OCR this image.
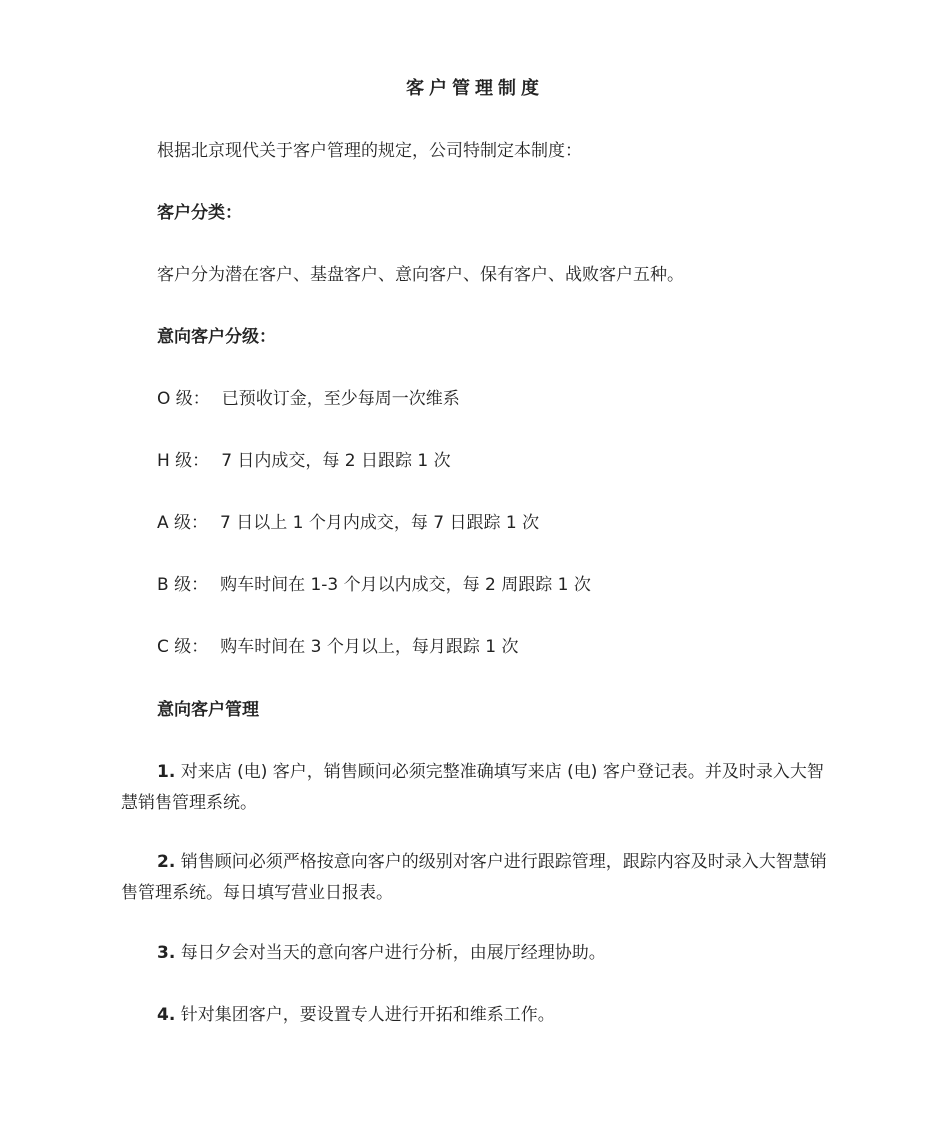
客户管理制度
根据北京现代关于客户管理的规定，公司特制定本制度：
客户分类：
客户分为潜在客户、基盘客户、意向客户、保有客户、战败客户五种。
意向客户分级：
O 级： 已预收订金，至少每周一次维系
H 级： 7 日内成交，每 2 日跟踪 1 次
A 级： 7 日以上 1 个月内成交，每 7 日跟踪 1 次
B 级： 购车时间在 1-3 个月以内成交，每 2 周跟踪 1 次
C 级： 购车时间在 3 个月以上，每月跟踪 1 次
意向客户管理
1. 对来店 (电) 客户，销售顾问必须完整准确填写来店 (电) 客户登记表。并及时录入大智慧销售管理系统。
2. 销售顾问必须严格按意向客户的级别对客户进行跟踪管理，跟踪内容及时录入大智慧销售管理系统。每日填写营业日报表。
3. 每日夕会对当天的意向客户进行分析，由展厅经理协助。
4. 针对集团客户，要设置专人进行开拓和维系工作。
